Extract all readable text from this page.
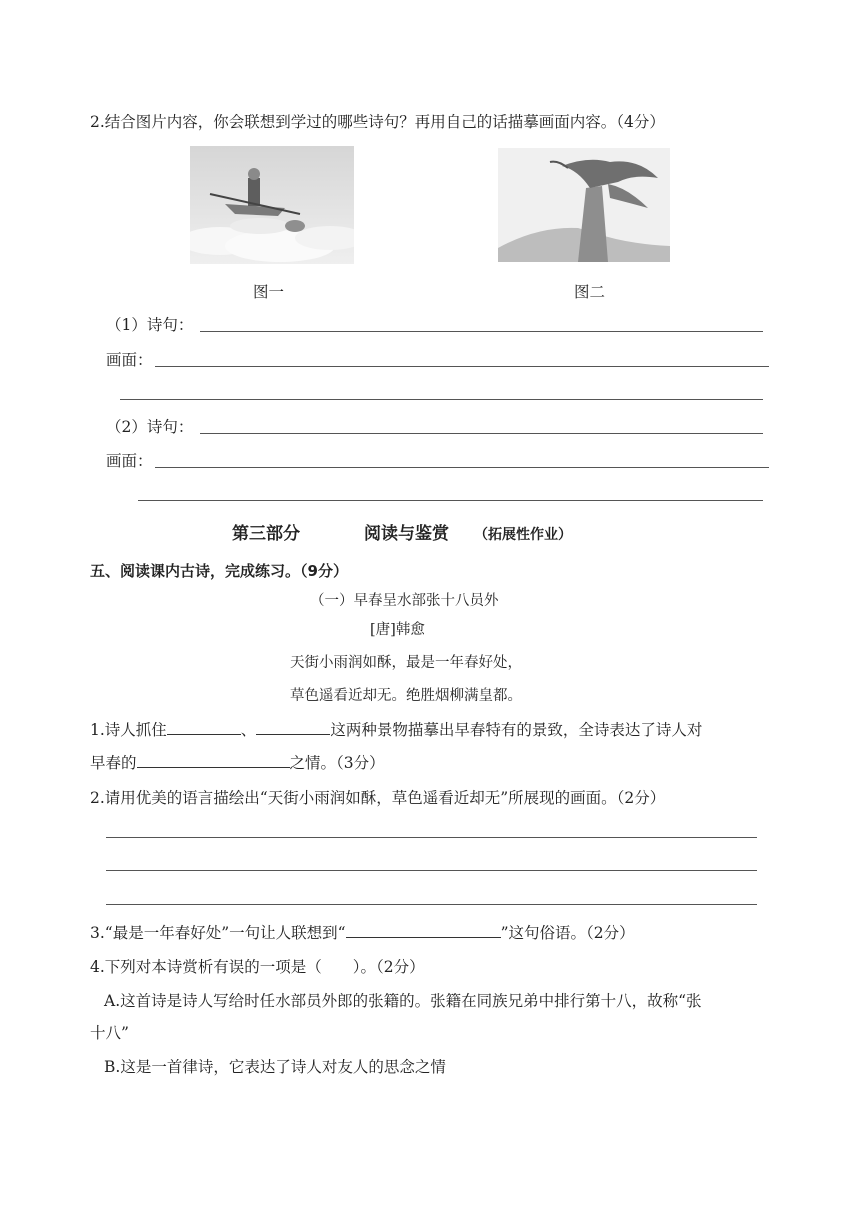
2.结合图片内容，你会联想到学过的哪些诗句？再用自己的话描摹画面内容。（4分）
图一	图二
（1）诗句：
画面：
（2）诗句：
画面：
第三部分	阅读与鉴赏 （拓展性作业）
五、阅读课内古诗，完成练习。（9分）
（一）早春呈水部张十八员外
[唐]韩愈
天街小雨润如酥，最是一年春好处，
草色遥看近却无。绝胜烟柳满皇都。
1.诗人抓住	、	这两种景物描摹出早春特有的景致，全诗表达了诗人对
早春的	之情。（3分）
2.请用优美的语言描绘出“天街小雨润如酥，草色遥看近却无”所展现的画面。（2分）
3.“最是一年春好处”一句让人联想到“	”这句俗语。（2分）
4.下列对本诗赏析有误的一项是（　　）。（2分）
A.这首诗是诗人写给时任水部员外郎的张籍的。张籍在同族兄弟中排行第十八，故称“张
十八”
B.这是一首律诗，它表达了诗人对友人的思念之情
